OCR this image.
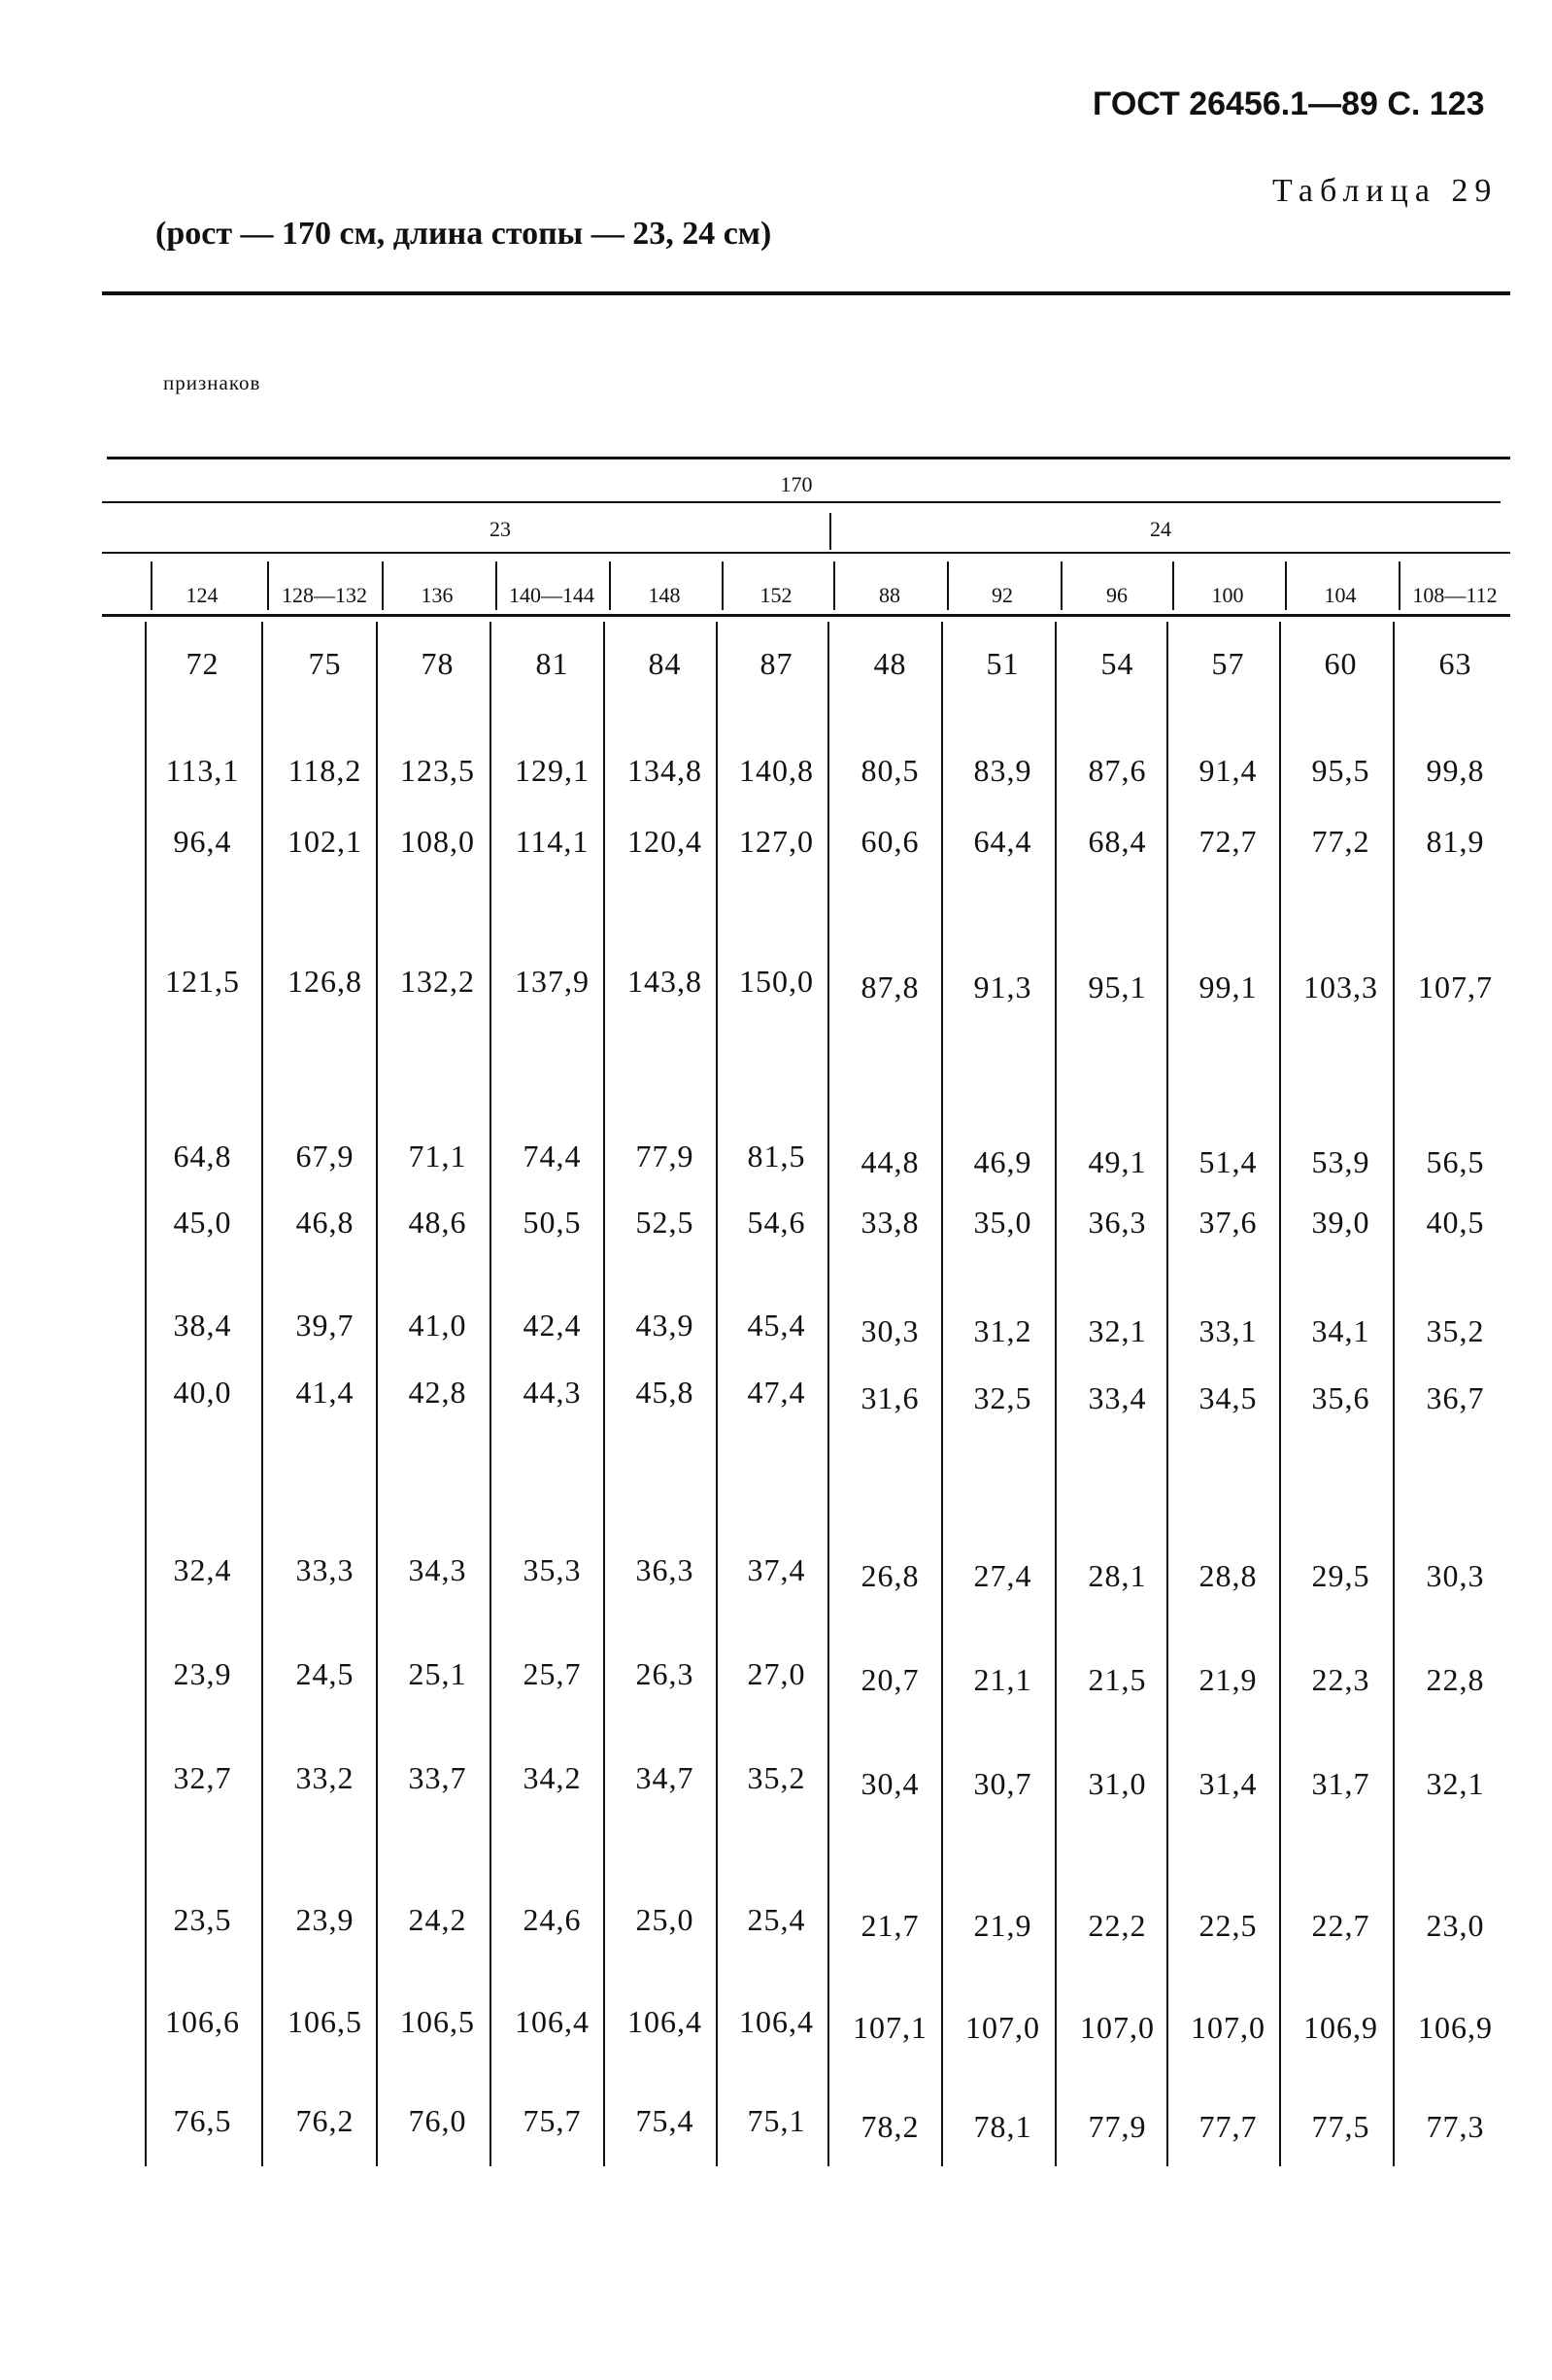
ГОСТ 26456.1—89 С. 123
Таблица 29
(рост — 170 см, длина стопы — 23, 24 см)
признаков
170
23	24
124	128—132	136	140—144	148	152	88	92	96	100	104	108—112
72	75	78	81	84	87	48	51	54	57	60	63
113,1	118,2	123,5	129,1	134,8	140,8	80,5	83,9	87,6	91,4	95,5	99,8
96,4	102,1	108,0	114,1	120,4	127,0	60,6	64,4	68,4	72,7	77,2	81,9
121,5	126,8	132,2	137,9	143,8	150,0	87,8	91,3	95,1	99,1	103,3	107,7
64,8	67,9	71,1	74,4	77,9	81,5	44,8	46,9	49,1	51,4	53,9	56,5
45,0	46,8	48,6	50,5	52,5	54,6	33,8	35,0	36,3	37,6	39,0	40,5
38,4	39,7	41,0	42,4	43,9	45,4	30,3	31,2	32,1	33,1	34,1	35,2
40,0	41,4	42,8	44,3	45,8	47,4	31,6	32,5	33,4	34,5	35,6	36,7
32,4	33,3	34,3	35,3	36,3	37,4	26,8	27,4	28,1	28,8	29,5	30,3
23,9	24,5	25,1	25,7	26,3	27,0	20,7	21,1	21,5	21,9	22,3	22,8
32,7	33,2	33,7	34,2	34,7	35,2	30,4	30,7	31,0	31,4	31,7	32,1
23,5	23,9	24,2	24,6	25,0	25,4	21,7	21,9	22,2	22,5	22,7	23,0
106,6	106,5	106,5	106,4	106,4	106,4	107,1	107,0	107,0	107,0	106,9	106,9
76,5	76,2	76,0	75,7	75,4	75,1	78,2	78,1	77,9	77,7	77,5	77,3
